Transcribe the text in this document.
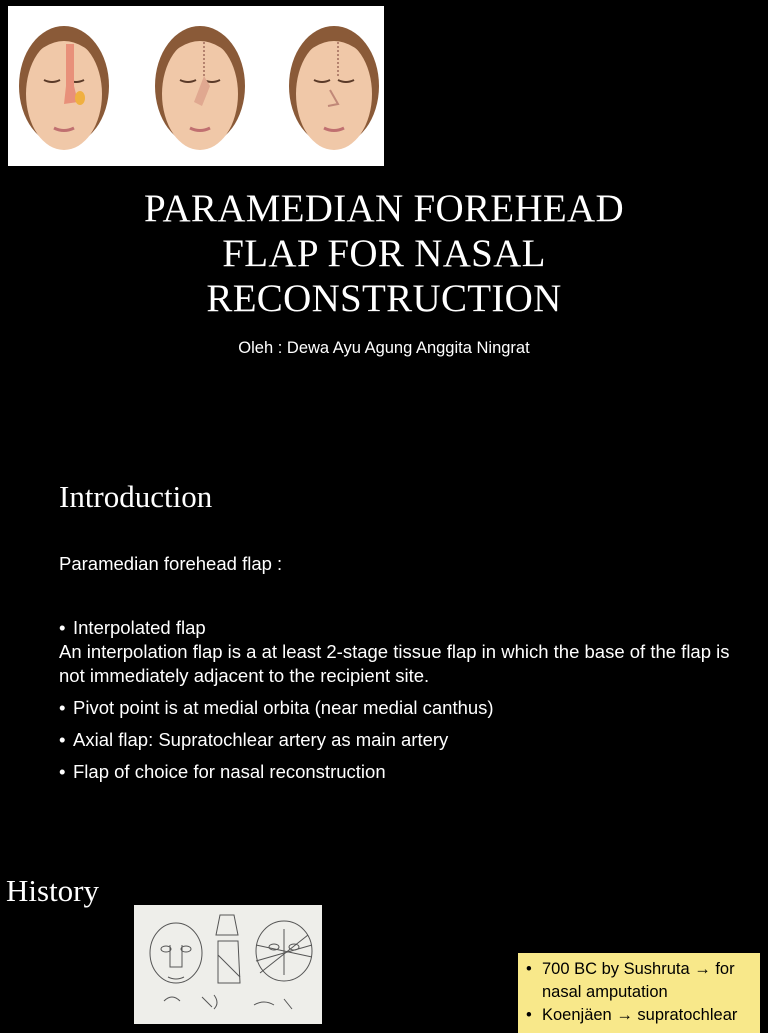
PARAMEDIAN FOREHEAD
FLAP FOR NASAL
RECONSTRUCTION
Oleh : Dewa Ayu Agung Anggita Ningrat
Introduction
Paramedian forehead flap :
• Interpolated flap
An interpolation flap is a at least 2-stage tissue flap in which the base of the flap is not immediately adjacent to the recipient site.
• Pivot point is at medial orbita (near medial canthus)
• Axial flap: Supratochlear artery as main artery
• Flap of choice for nasal reconstruction
History
• 700 BC by Sushruta → for nasal amputation
• Koenjäen → supratochlear
